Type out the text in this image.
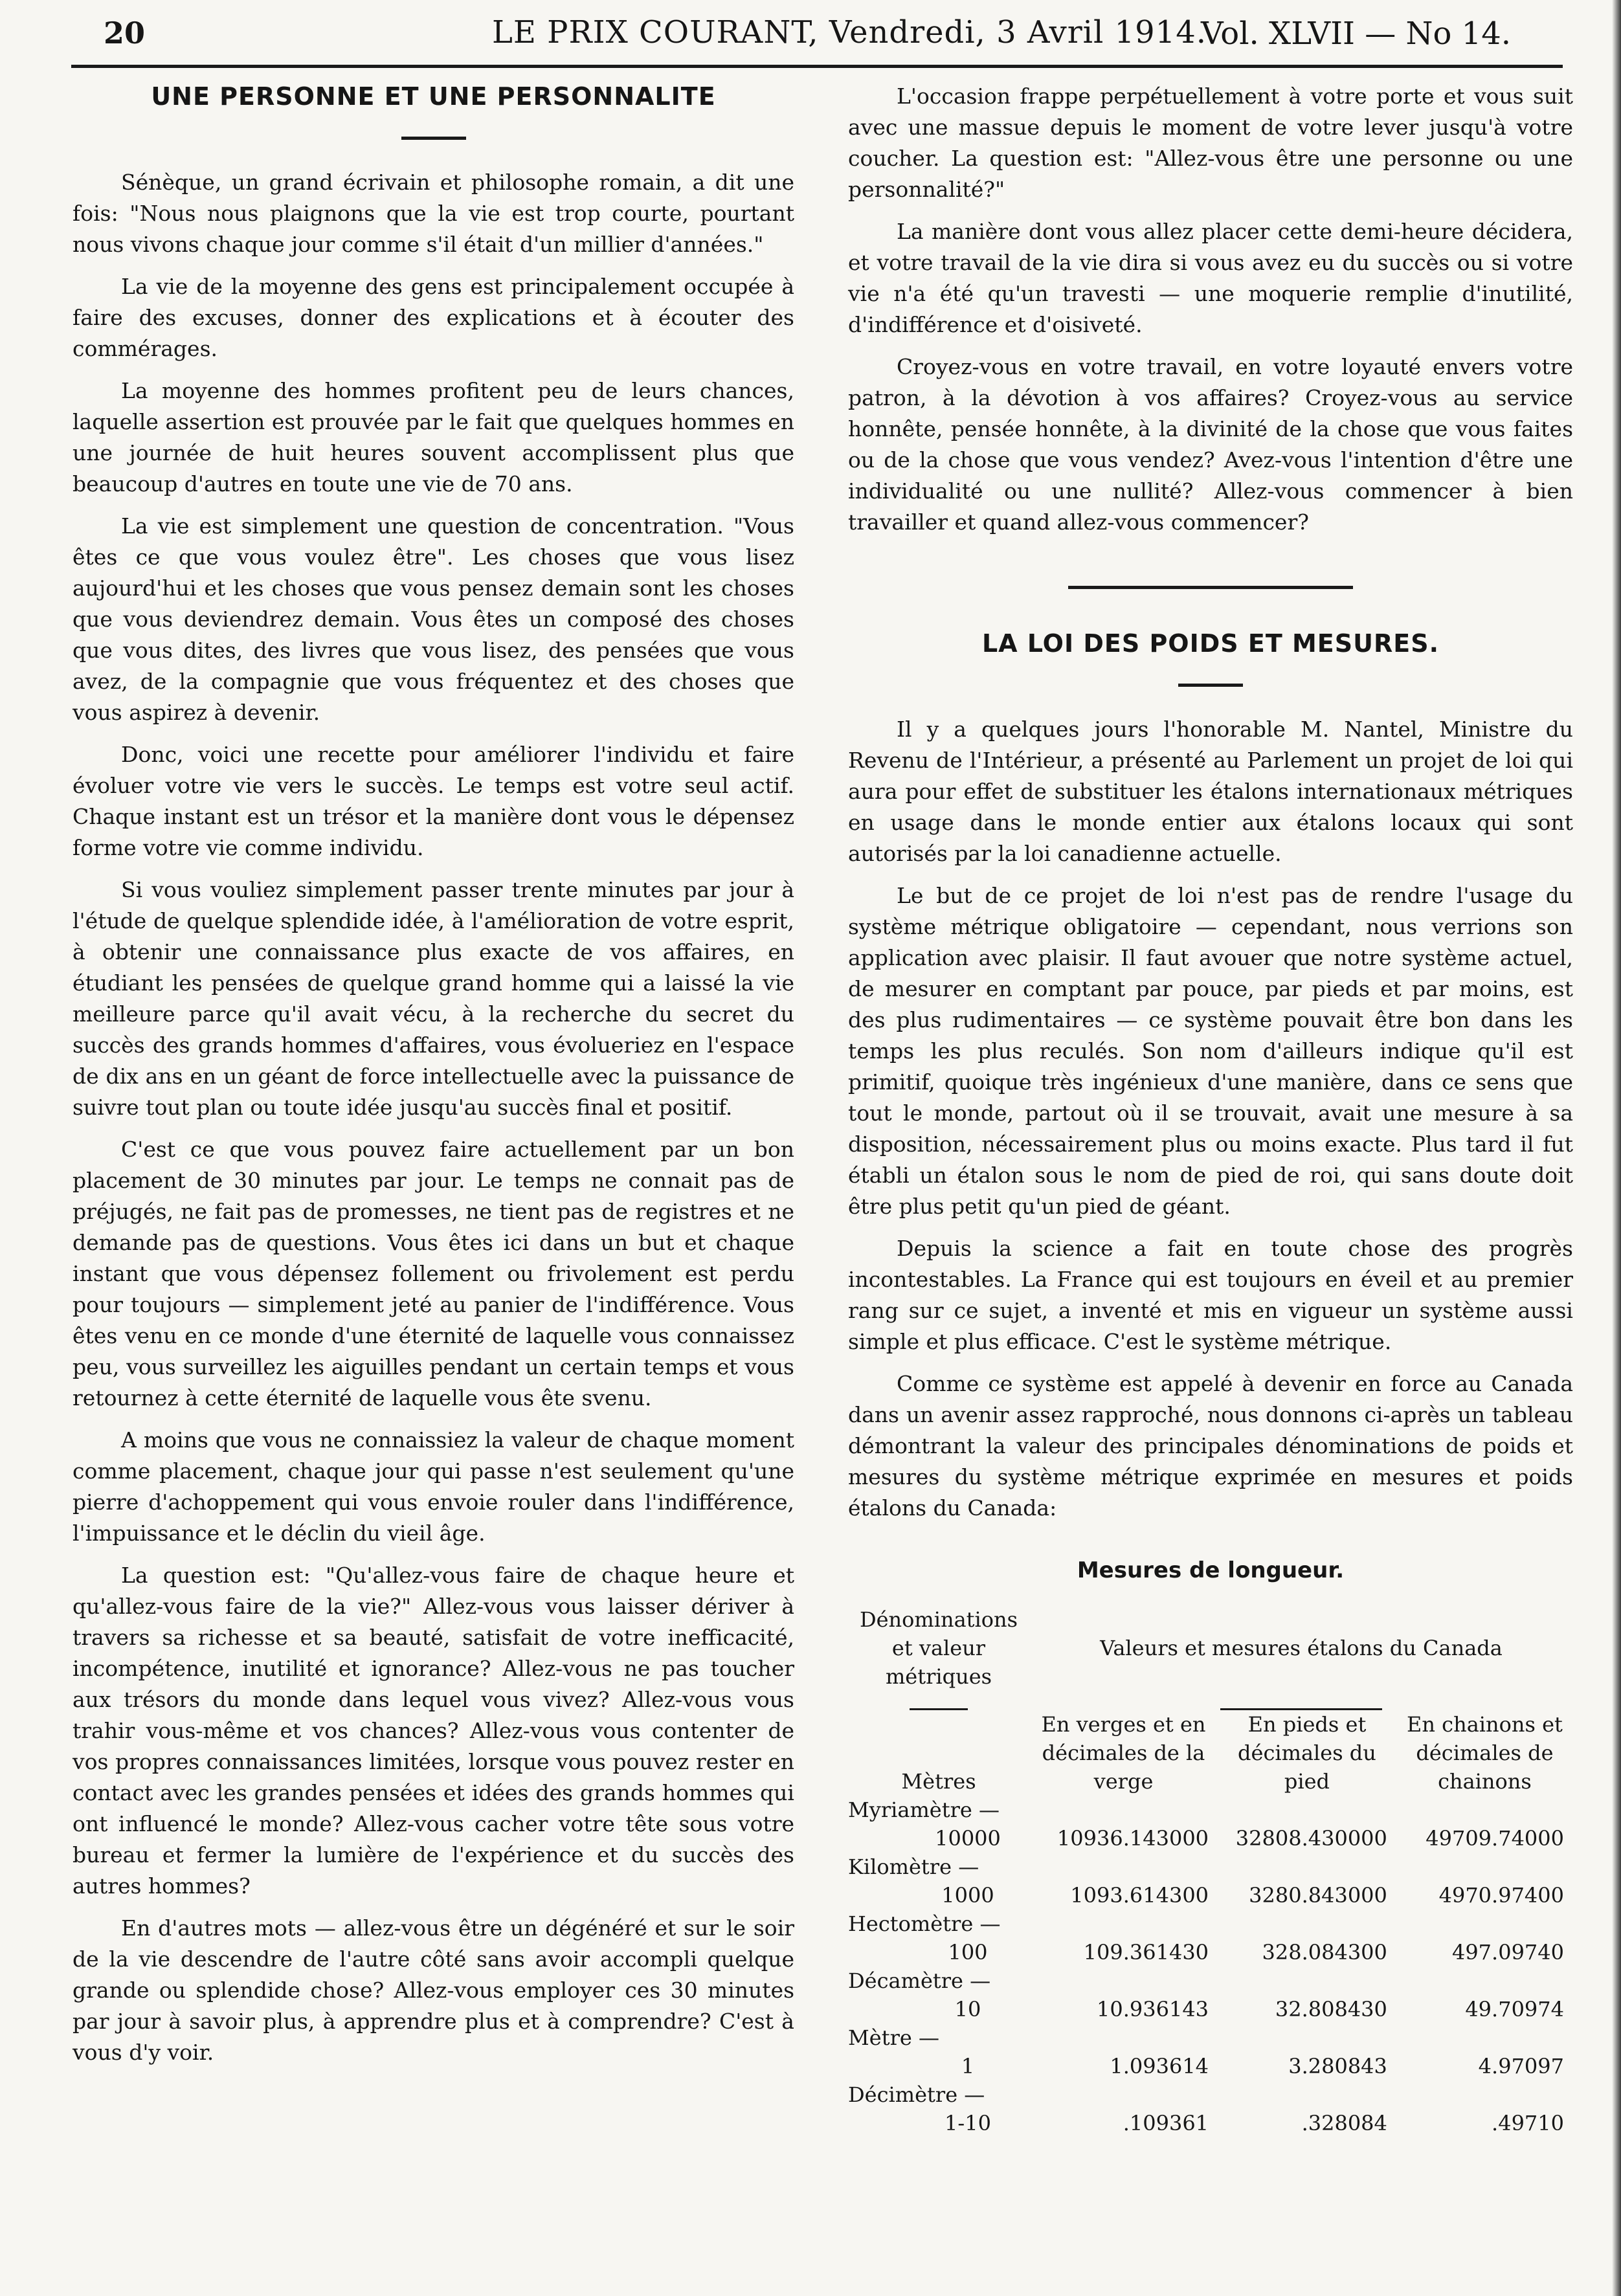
20	LE PRIX COURANT, Vendredi, 3 Avril 1914.
Vol. XLVII — No 14.
UNE PERSONNE ET UNE PERSONNALITE

Sénèque, un grand écrivain et philosophe romain, a dit une fois: "Nous nous plaignons que la vie est trop courte, pourtant nous vivons chaque jour comme s'il était d'un millier d'années."

La vie de la moyenne des gens est principalement occupée à faire des excuses, donner des explications et à écouter des commérages.

La moyenne des hommes profitent peu de leurs chances, laquelle assertion est prouvée par le fait que quelques hommes en une journée de huit heures souvent accomplissent plus que beaucoup d'autres en toute une vie de 70 ans.

La vie est simplement une question de concentration. "Vous êtes ce que vous voulez être". Les choses que vous lisez aujourd'hui et les choses que vous pensez demain sont les choses que vous deviendrez demain. Vous êtes un composé des choses que vous dites, des livres que vous lisez, des pensées que vous avez, de la compagnie que vous fréquentez et des choses que vous aspirez à devenir.

Donc, voici une recette pour améliorer l'individu et faire évoluer votre vie vers le succès. Le temps est votre seul actif. Chaque instant est un trésor et la manière dont vous le dépensez forme votre vie comme individu.

Si vous vouliez simplement passer trente minutes par jour à l'étude de quelque splendide idée, à l'amélioration de votre esprit, à obtenir une connaissance plus exacte de vos affaires, en étudiant les pensées de quelque grand homme qui a laissé la vie meilleure parce qu'il avait vécu, à la recherche du secret du succès des grands hommes d'affaires, vous évolueriez en l'espace de dix ans en un géant de force intellectuelle avec la puissance de suivre tout plan ou toute idée jusqu'au succès final et positif.

C'est ce que vous pouvez faire actuellement par un bon placement de 30 minutes par jour. Le temps ne connait pas de préjugés, ne fait pas de promesses, ne tient pas de registres et ne demande pas de questions. Vous êtes ici dans un but et chaque instant que vous dépensez follement ou frivolement est perdu pour toujours — simplement jeté au panier de l'indifférence. Vous êtes venu en ce monde d'une éternité de laquelle vous connaissez peu, vous surveillez les aiguilles pendant un certain temps et vous retournez à cette éternité de laquelle vous ête svenu.

A moins que vous ne connaissiez la valeur de chaque moment comme placement, chaque jour qui passe n'est seulement qu'une pierre d'achoppement qui vous envoie rouler dans l'indifférence, l'impuissance et le déclin du vieil âge.

La question est: "Qu'allez-vous faire de chaque heure et qu'allez-vous faire de la vie?" Allez-vous vous laisser dériver à travers sa richesse et sa beauté, satisfait de votre inefficacité, incompétence, inutilité et ignorance? Allez-vous ne pas toucher aux trésors du monde dans lequel vous vivez? Allez-vous vous trahir vous-même et vos chances? Allez-vous vous contenter de vos propres connaissances limitées, lorsque vous pouvez rester en contact avec les grandes pensées et idées des grands hommes qui ont influencé le monde? Allez-vous cacher votre tête sous votre bureau et fermer la lumière de l'expérience et du succès des autres hommes?

En d'autres mots — allez-vous être un dégénéré et sur le soir de la vie descendre de l'autre côté sans avoir accompli quelque grande ou splendide chose? Allez-vous employer ces 30 minutes par jour à savoir plus, à apprendre plus et à comprendre? C'est à vous d'y voir.

L'occasion frappe perpétuellement à votre porte et vous suit avec une massue depuis le moment de votre lever jusqu'à votre coucher. La question est: "Allez-vous être une personne ou une personnalité?"

La manière dont vous allez placer cette demi-heure décidera, et votre travail de la vie dira si vous avez eu du succès ou si votre vie n'a été qu'un travesti — une moquerie remplie d'inutilité, d'indifférence et d'oisiveté.

Croyez-vous en votre travail, en votre loyauté envers votre patron, à la dévotion à vos affaires? Croyez-vous au service honnête, pensée honnête, à la divinité de la chose que vous faites ou de la chose que vous vendez? Avez-vous l'intention d'être une individualité ou une nullité? Allez-vous commencer à bien travailler et quand allez-vous commencer?

LA LOI DES POIDS ET MESURES.

Il y a quelques jours l'honorable M. Nantel, Ministre du Revenu de l'Intérieur, a présenté au Parlement un projet de loi qui aura pour effet de substituer les étalons internationaux métriques en usage dans le monde entier aux étalons locaux qui sont autorisés par la loi canadienne actuelle.

Le but de ce projet de loi n'est pas de rendre l'usage du système métrique obligatoire — cependant, nous verrions son application avec plaisir. Il faut avouer que notre système actuel, de mesurer en comptant par pouce, par pieds et par moins, est des plus rudimentaires — ce système pouvait être bon dans les temps les plus reculés. Son nom d'ailleurs indique qu'il est primitif, quoique très ingénieux d'une manière, dans ce sens que tout le monde, partout où il se trouvait, avait une mesure à sa disposition, nécessairement plus ou moins exacte. Plus tard il fut établi un étalon sous le nom de pied de roi, qui sans doute doit être plus petit qu'un pied de géant.

Depuis la science a fait en toute chose des progrès incontestables. La France qui est toujours en éveil et au premier rang sur ce sujet, a inventé et mis en vigueur un système aussi simple et plus efficace. C'est le système métrique.

Comme ce système est appelé à devenir en force au Canada dans un avenir assez rapproché, nous donnons ci-après un tableau démontrant la valeur des principales dénominations de poids et mesures du système métrique exprimée en mesures et poids étalons du Canada:

Mesures de longueur.
Dénominations et valeur métriques	Valeurs et mesures étalons du Canada		

Mètres	En verges et en décimales de la verge	En pieds et décimales du pied	En chainons et décimales de chainons
Myriamètre —			
10000	10936.143000	32808.430000	49709.74000
Kilomètre —			
1000	1093.614300	3280.843000	4970.97400
Hectomètre —			
100	109.361430	328.084300	497.09740
Décamètre —			
10	10.936143	32.808430	49.70974
Mètre —			
1	1.093614	3.280843	4.97097
Décimètre —			
1-10	.109361	.328084	.49710
